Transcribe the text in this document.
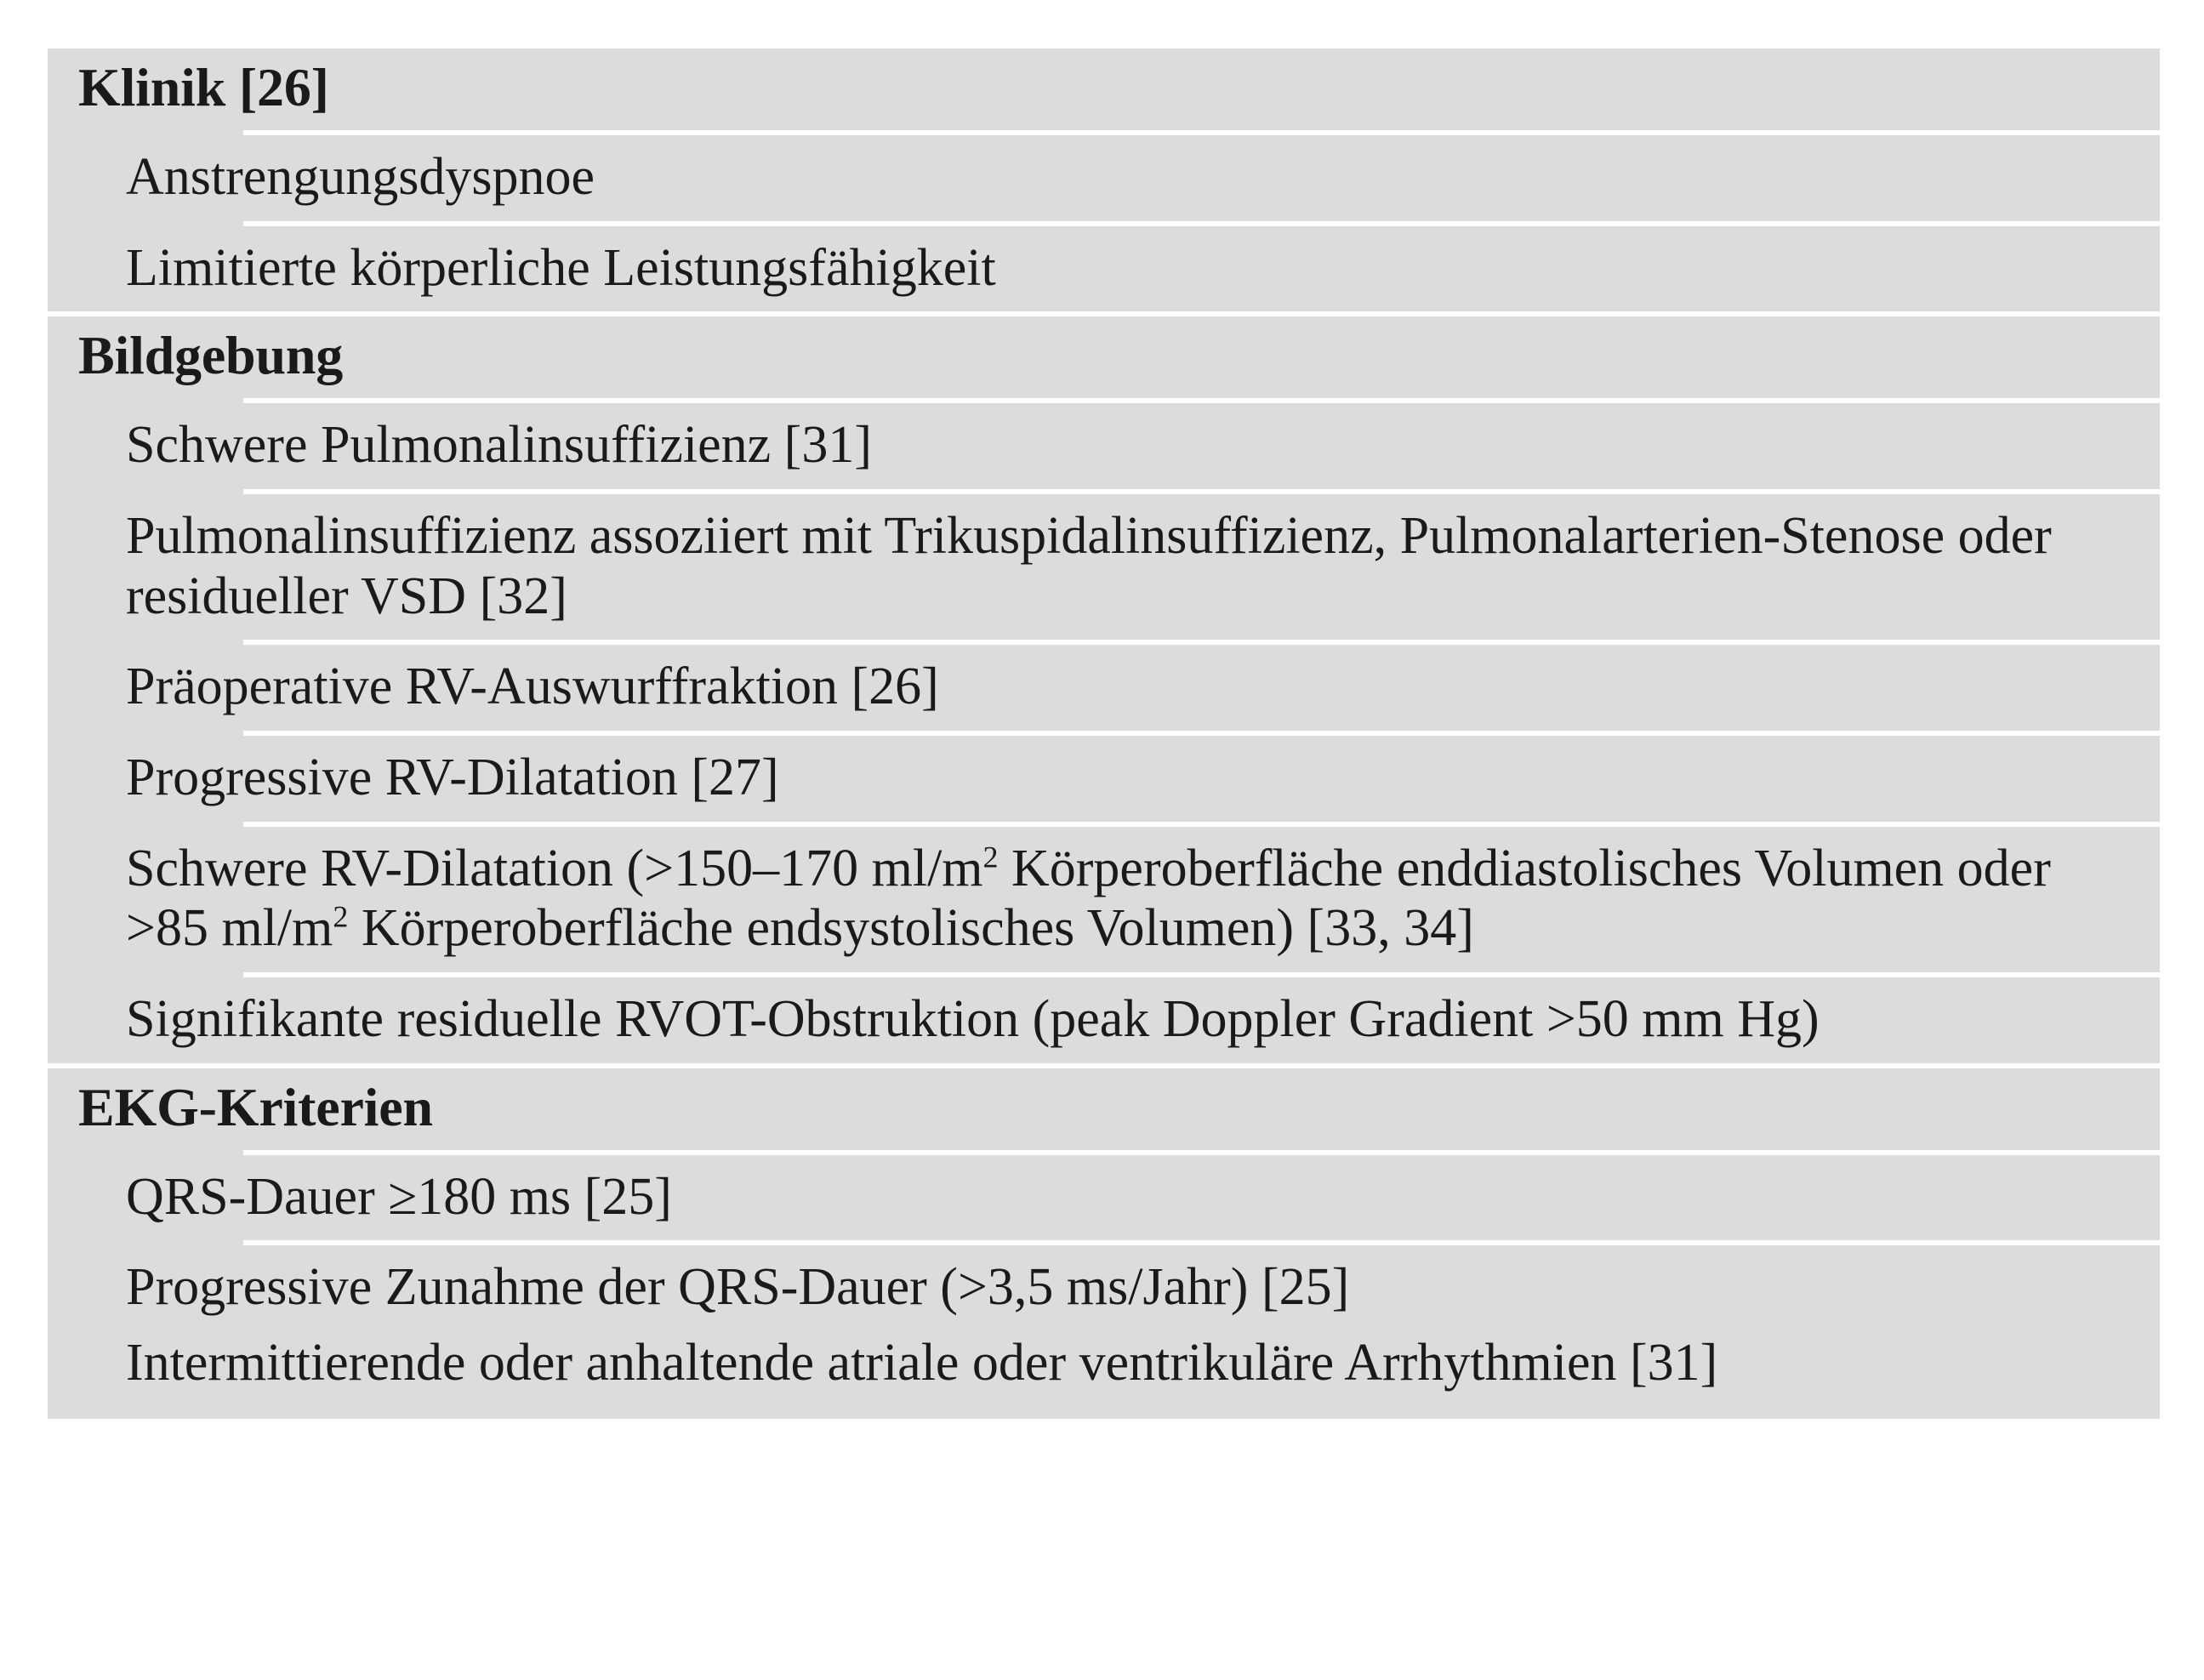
Klinik [26]
Anstrengungsdyspnoe
Limitierte körperliche Leistungsfähigkeit
Bildgebung
Schwere Pulmonalinsuffizienz [31]
Pulmonalinsuffizienz assoziiert mit Trikuspidalinsuffizienz, Pulmonalarterien-Stenose oder residueller VSD [32]
Präoperative RV-Auswurffraktion [26]
Progressive RV-Dilatation [27]
Schwere RV-Dilatation (>150–170 $ml/m^2$ Körperoberfläche enddiastolisches Volumen oder >85 $ml/m^2$ Körperoberfläche endsystolisches Volumen) [33, 34]
Signifikante residuelle RVOT-Obstruktion (peak Doppler Gradient >50 mm Hg)
EKG-Kriterien
QRS-Dauer ≥180 ms [25]
Progressive Zunahme der QRS-Dauer (>3,5 ms/Jahr) [25]
Intermittierende oder anhaltende atriale oder ventrikuläre Arrhythmien [31]
